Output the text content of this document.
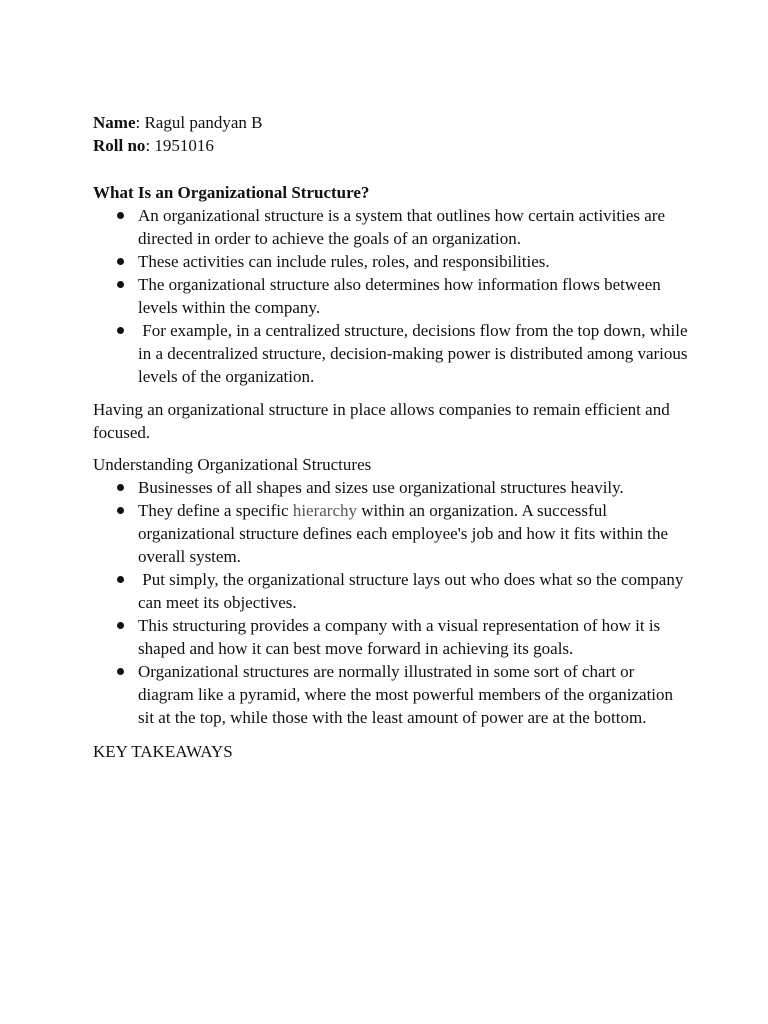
Name: Ragul pandyan B

Roll no: 1951016

What Is an Organizational Structure?

An organizational structure is a system that outlines how certain activities are directed in order to achieve the goals of an organization.
These activities can include rules, roles, and responsibilities.
The organizational structure also determines how information flows between levels within the company.
For example, in a centralized structure, decisions flow from the top down, while in a decentralized structure, decision-making power is distributed among various levels of the organization.

Having an organizational structure in place allows companies to remain efficient and focused.

Understanding Organizational Structures

Businesses of all shapes and sizes use organizational structures heavily.
They define a specific hierarchy within an organization. A successful organizational structure defines each employee's job and how it fits within the overall system.
Put simply, the organizational structure lays out who does what so the company can meet its objectives.
This structuring provides a company with a visual representation of how it is shaped and how it can best move forward in achieving its goals.
Organizational structures are normally illustrated in some sort of chart or diagram like a pyramid, where the most powerful members of the organization sit at the top, while those with the least amount of power are at the bottom.

KEY TAKEAWAYS
